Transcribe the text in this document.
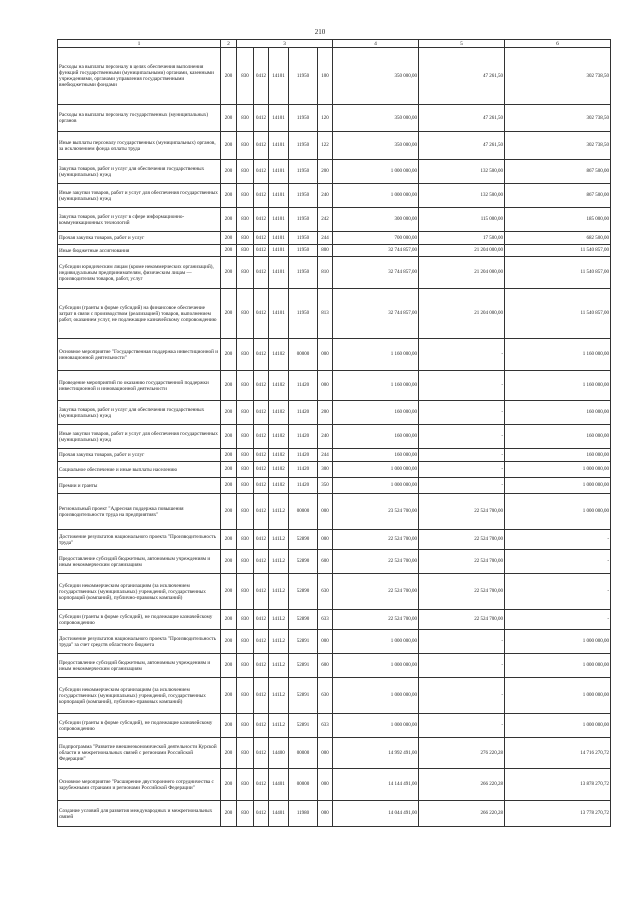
210
1	2	3					4	5	6
Расходы на выплаты персоналу в целях обеспечения выполнения функций государственными (муниципальными) органами, казенными учреждениями, органами управления государственными внебюджетными фондами	200	830	0412	14101	11950	100	350 000,00	47 261,50	302 738,50
Расходы на выплаты персоналу государственных (муниципальных) органов	200	830	0412	14101	11950	120	350 000,00	47 261,50	302 738,50
Иные выплаты персоналу государственных (муниципальных) органов, за исключением фонда оплаты труда	200	830	0412	14101	11950	122	350 000,00	47 261,50	302 738,50
Закупка товаров, работ и услуг для обеспечения государственных (муниципальных) нужд	200	830	0412	14101	11950	200	1 000 000,00	132 500,00	867 500,00
Иные закупки товаров, работ и услуг для обеспечения государственных (муниципальных) нужд	200	830	0412	14101	11950	240	1 000 000,00	132 500,00	867 500,00
Закупка товаров, работ и услуг в сфере информационно-коммуникационных технологий	200	830	0412	14101	11950	242	300 000,00	115 000,00	185 000,00
Прочая закупка товаров, работ и услуг	200	830	0412	14101	11950	244	700 000,00	17 500,00	682 500,00
Иные бюджетные ассигнования	200	830	0412	14101	11950	800	32 744 857,00	21 204 000,00	11 540 857,00
Субсидии юридическим лицам (кроме некоммерческих организаций), индивидуальным предпринимателям, физическим лицам — производителям товаров, работ, услуг	200	830	0412	14101	11950	810	32 744 857,00	21 204 000,00	11 540 857,00
Субсидии (гранты в форме субсидий) на финансовое обеспечение затрат в связи с производством (реализацией) товаров, выполнением работ, оказанием услуг, не подлежащие казначейскому сопровождению	200	830	0412	14101	11950	813	32 744 857,00	21 204 000,00	11 540 857,00
Основное мероприятие "Государственная поддержка инвестиционной и инновационной деятельности"	200	830	0412	14102	00000	000	1 160 000,00	-	1 160 000,00
Проведение мероприятий по оказанию государственной поддержки инвестиционной и инновационной деятельности	200	830	0412	14102	11420	000	1 160 000,00	-	1 160 000,00
Закупка товаров, работ и услуг для обеспечения государственных (муниципальных) нужд	200	830	0412	14102	11420	200	160 000,00	-	160 000,00
Иные закупки товаров, работ и услуг для обеспечения государственных (муниципальных) нужд	200	830	0412	14102	11420	240	160 000,00	-	160 000,00
Прочая закупка товаров, работ и услуг	200	830	0412	14102	11420	244	160 000,00	-	160 000,00
Социальное обеспечение и иные выплаты населению	200	830	0412	14102	11420	300	1 000 000,00	-	1 000 000,00
Премии и гранты	200	830	0412	14102	11420	350	1 000 000,00	-	1 000 000,00
Региональный проект "Адресная поддержка повышения производительности труда на предприятиях"	200	830	0412	141L2	00000	000	23 524 700,00	22 524 700,00	1 000 000,00
Достижение результатов национального проекта "Производительность труда"	200	830	0412	141L2	52890	000	22 524 700,00	22 524 700,00	-
Предоставление субсидий бюджетным, автономным учреждениям и иным некоммерческим организациям	200	830	0412	141L2	52890	600	22 524 700,00	22 524 700,00	-
Субсидии некоммерческим организациям (за исключением государственных (муниципальных) учреждений, государственных корпораций (компаний), публично-правовых компаний)	200	830	0412	141L2	52890	630	22 524 700,00	22 524 700,00	-
Субсидии (гранты в форме субсидий), не подлежащие казначейскому сопровождению	200	830	0412	141L2	52890	633	22 524 700,00	22 524 700,00	-
Достижение результатов национального проекта "Производительность труда" за счет средств областного бюджета	200	830	0412	141L2	52891	000	1 000 000,00	-	1 000 000,00
Предоставление субсидий бюджетным, автономным учреждениям и иным некоммерческим организациям	200	830	0412	141L2	52891	600	1 000 000,00	-	1 000 000,00
Субсидии некоммерческим организациям (за исключением государственных (муниципальных) учреждений, государственных корпораций (компаний), публично-правовых компаний)	200	830	0412	141L2	52891	630	1 000 000,00	-	1 000 000,00
Субсидии (гранты в форме субсидий), не подлежащие казначейскому сопровождению	200	830	0412	141L2	52891	633	1 000 000,00	-	1 000 000,00
Подпрограмма "Развитие внешнеэкономической деятельности Курской области и межрегиональных связей с регионами Российской Федерации"	200	830	0412	14400	00000	000	14 992 491,00	276 220,28	14 716 270,72
Основное мероприятие "Расширение двустороннего сотрудничества с зарубежными странами и регионами Российской Федерации"	200	830	0412	14401	00000	000	14 144 491,00	266 220,28	13 878 270,72
Создание условий для развития международных и межрегиональных связей	200	830	0412	14401	11980	000	14 044 491,00	266 220,28	13 778 270,72
